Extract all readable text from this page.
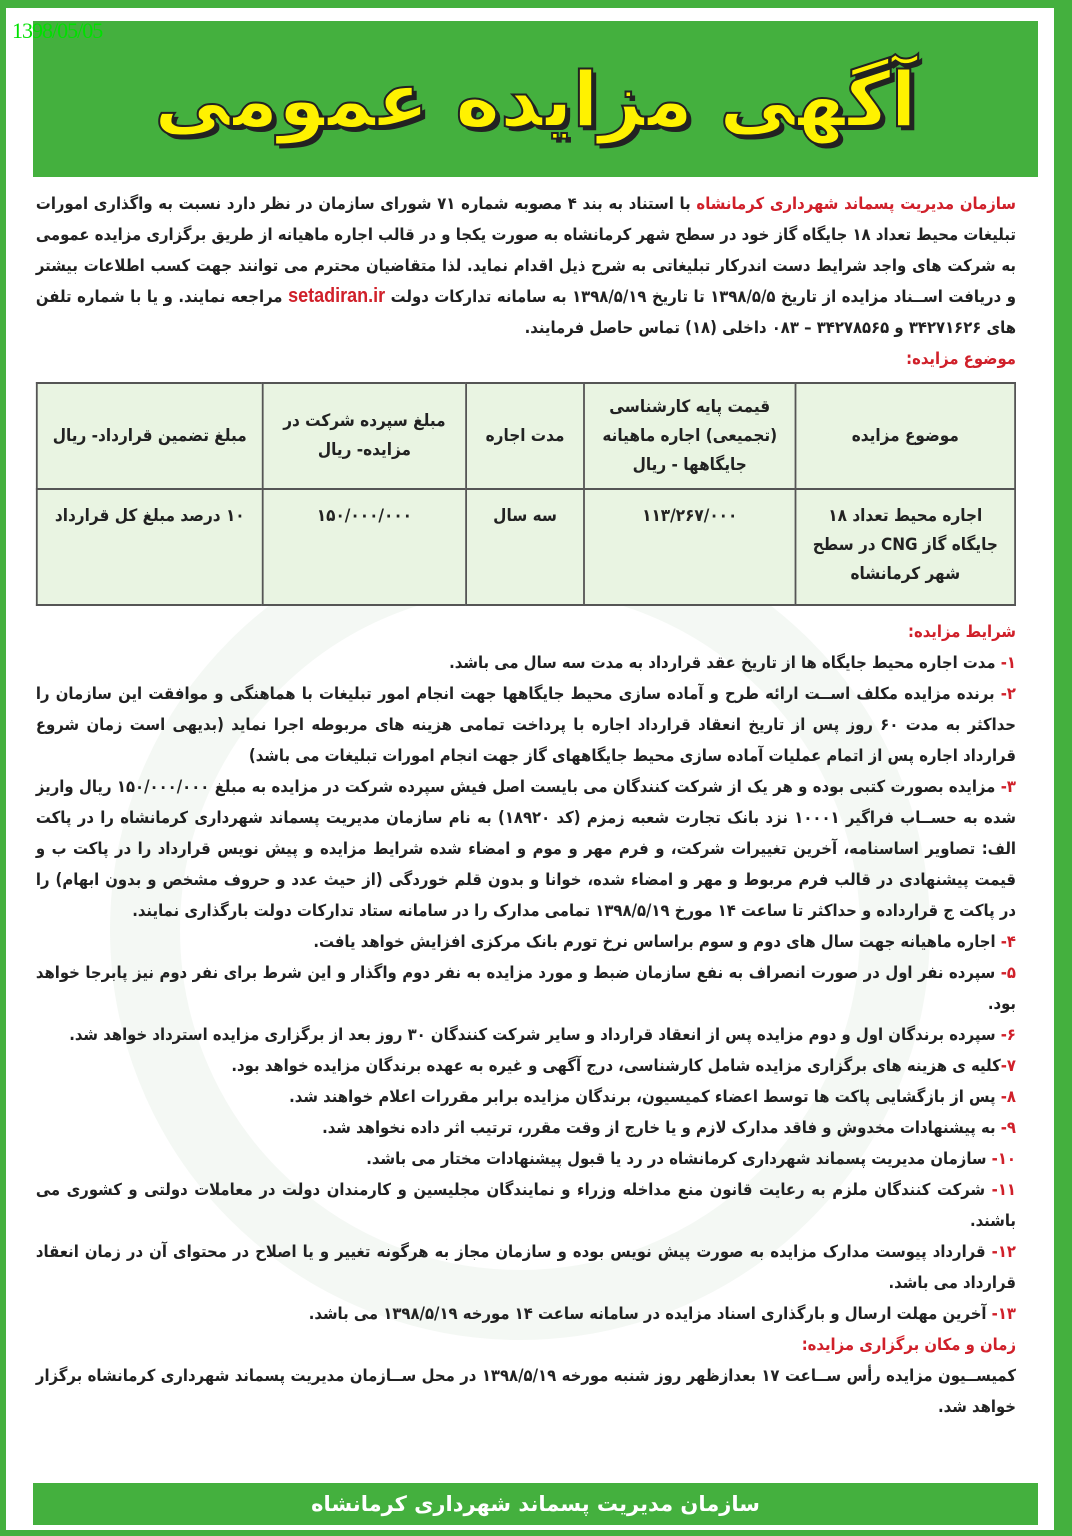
1398/05/05
آگهی مزایده عمومی

سازمان مدیریت پسماند شهرداری کرمانشاه با استناد به بند ۴ مصوبه شماره ۷۱ شورای سازمان در نظر دارد نسبت به واگذاری امورات تبلیغات محیط تعداد ۱۸ جایگاه گاز خود در سطح شهر کرمانشاه به صورت یکجا و در قالب اجاره ماهیانه از طریق برگزاری مزایده عمومی به شرکت های واجد شرایط دست اندرکار تبلیغاتی به شرح ذیل اقدام نماید. لذا متقاضیان محترم می توانند جهت کسب اطلاعات بیشتر و دریافت اســناد مزایده از تاریخ ۱۳۹۸/۵/۵ تا تاریخ ۱۳۹۸/۵/۱۹ به سامانه تدارکات دولت setadiran.ir مراجعه نمایند. و یا با شماره تلفن های ۳۴۲۷۱۶۲۶ و ۳۴۲۷۸۵۶۵ – ۰۸۳ داخلی (۱۸) تماس حاصل فرمایند.

موضوع مزایده:

موضوع مزایده	قیمت پایه کارشناسی (تجمیعی) اجاره ماهیانه جایگاهها - ریال	مدت اجاره	مبلغ سپرده شرکت در مزایده- ریال	مبلغ تضمین قرارداد- ریال
اجاره محیط تعداد ۱۸ جایگاه گاز CNG در سطح شهر کرمانشاه	۱۱۳/۲۶۷/۰۰۰	سه سال	۱۵۰/۰۰۰/۰۰۰	۱۰ درصد مبلغ کل قرارداد

شرایط مزایده:

۱- مدت اجاره محیط جایگاه ها از تاریخ عقد قرارداد به مدت سه سال می باشد.

۲- برنده مزایده مکلف اســت ارائه طرح و آماده سازی محیط جایگاهها جهت انجام امور تبلیغات با هماهنگی و موافقت این سازمان را حداکثر به مدت ۶۰ روز پس از تاریخ انعقاد قرارداد اجاره با پرداخت تمامی هزینه های مربوطه اجرا نماید (بدیهی است زمان شروع قرارداد اجاره پس از اتمام عملیات آماده سازی محیط جایگاههای گاز جهت انجام امورات تبلیغات می باشد)

۳- مزایده بصورت کتبی بوده و هر یک از شرکت کنندگان می بایست اصل فیش سپرده شرکت در مزایده به مبلغ ۱۵۰/۰۰۰/۰۰۰ ریال واریز شده به حســاب فراگیر ۱۰۰۰۱ نزد بانک تجارت شعبه زمزم (کد ۱۸۹۲۰) به نام سازمان مدیریت پسماند شهرداری کرمانشاه را در پاکت الف: تصاویر اساسنامه، آخرین تغییرات شرکت، و فرم مهر و موم و امضاء شده شرایط مزایده و پیش نویس قرارداد را در پاکت ب و قیمت پیشنهادی در قالب فرم مربوط و مهر و امضاء شده، خوانا و بدون قلم خوردگی (از حیث عدد و حروف مشخص و بدون ابهام) را در پاکت ج قرارداده و حداکثر تا ساعت ۱۴ مورخ ۱۳۹۸/۵/۱۹ تمامی مدارک را در سامانه ستاد تدارکات دولت بارگذاری نمایند.

۴- اجاره ماهیانه جهت سال های دوم و سوم براساس نرخ تورم بانک مرکزی افزایش خواهد یافت.

۵- سپرده نفر اول در صورت انصراف به نفع سازمان ضبط و مورد مزایده به نفر دوم واگذار و این شرط برای نفر دوم نیز پابرجا خواهد بود.

۶- سپرده برندگان اول و دوم مزایده پس از انعقاد قرارداد و سایر شرکت کنندگان ۳۰ روز بعد از برگزاری مزایده استرداد خواهد شد.

۷-کلیه ی هزینه های برگزاری مزایده شامل کارشناسی، درج آگهی و غیره به عهده برندگان مزایده خواهد بود.

۸- پس از بازگشایی پاکت ها توسط اعضاء کمیسیون، برندگان مزایده برابر مقررات اعلام خواهند شد.

۹- به پیشنهادات مخدوش و فاقد مدارک لازم و یا خارج از وقت مقرر، ترتیب اثر داده نخواهد شد.

۱۰- سازمان مدیریت پسماند شهرداری کرمانشاه در رد یا قبول پیشنهادات مختار می باشد.

۱۱- شرکت کنندگان ملزم به رعایت قانون منع مداخله وزراء و نمایندگان مجلیسین و کارمندان دولت در معاملات دولتی و کشوری می باشند.

۱۲- قرارداد پیوست مدارک مزایده به صورت پیش نویس بوده و سازمان مجاز به هرگونه تغییر و یا اصلاح در محتوای آن در زمان انعقاد قرارداد می باشد.

۱۳- آخرین مهلت ارسال و بارگذاری اسناد مزایده در سامانه ساعت ۱۴ مورخه ۱۳۹۸/۵/۱۹ می باشد.

زمان و مکان برگزاری مزایده:

کمیســیون مزایده رأس ســاعت ۱۷ بعدازظهر روز شنبه مورخه ۱۳۹۸/۵/۱۹ در محل ســازمان مدیریت پسماند شهرداری کرمانشاه برگزار خواهد شد.

سازمان مدیریت پسماند شهرداری کرمانشاه
